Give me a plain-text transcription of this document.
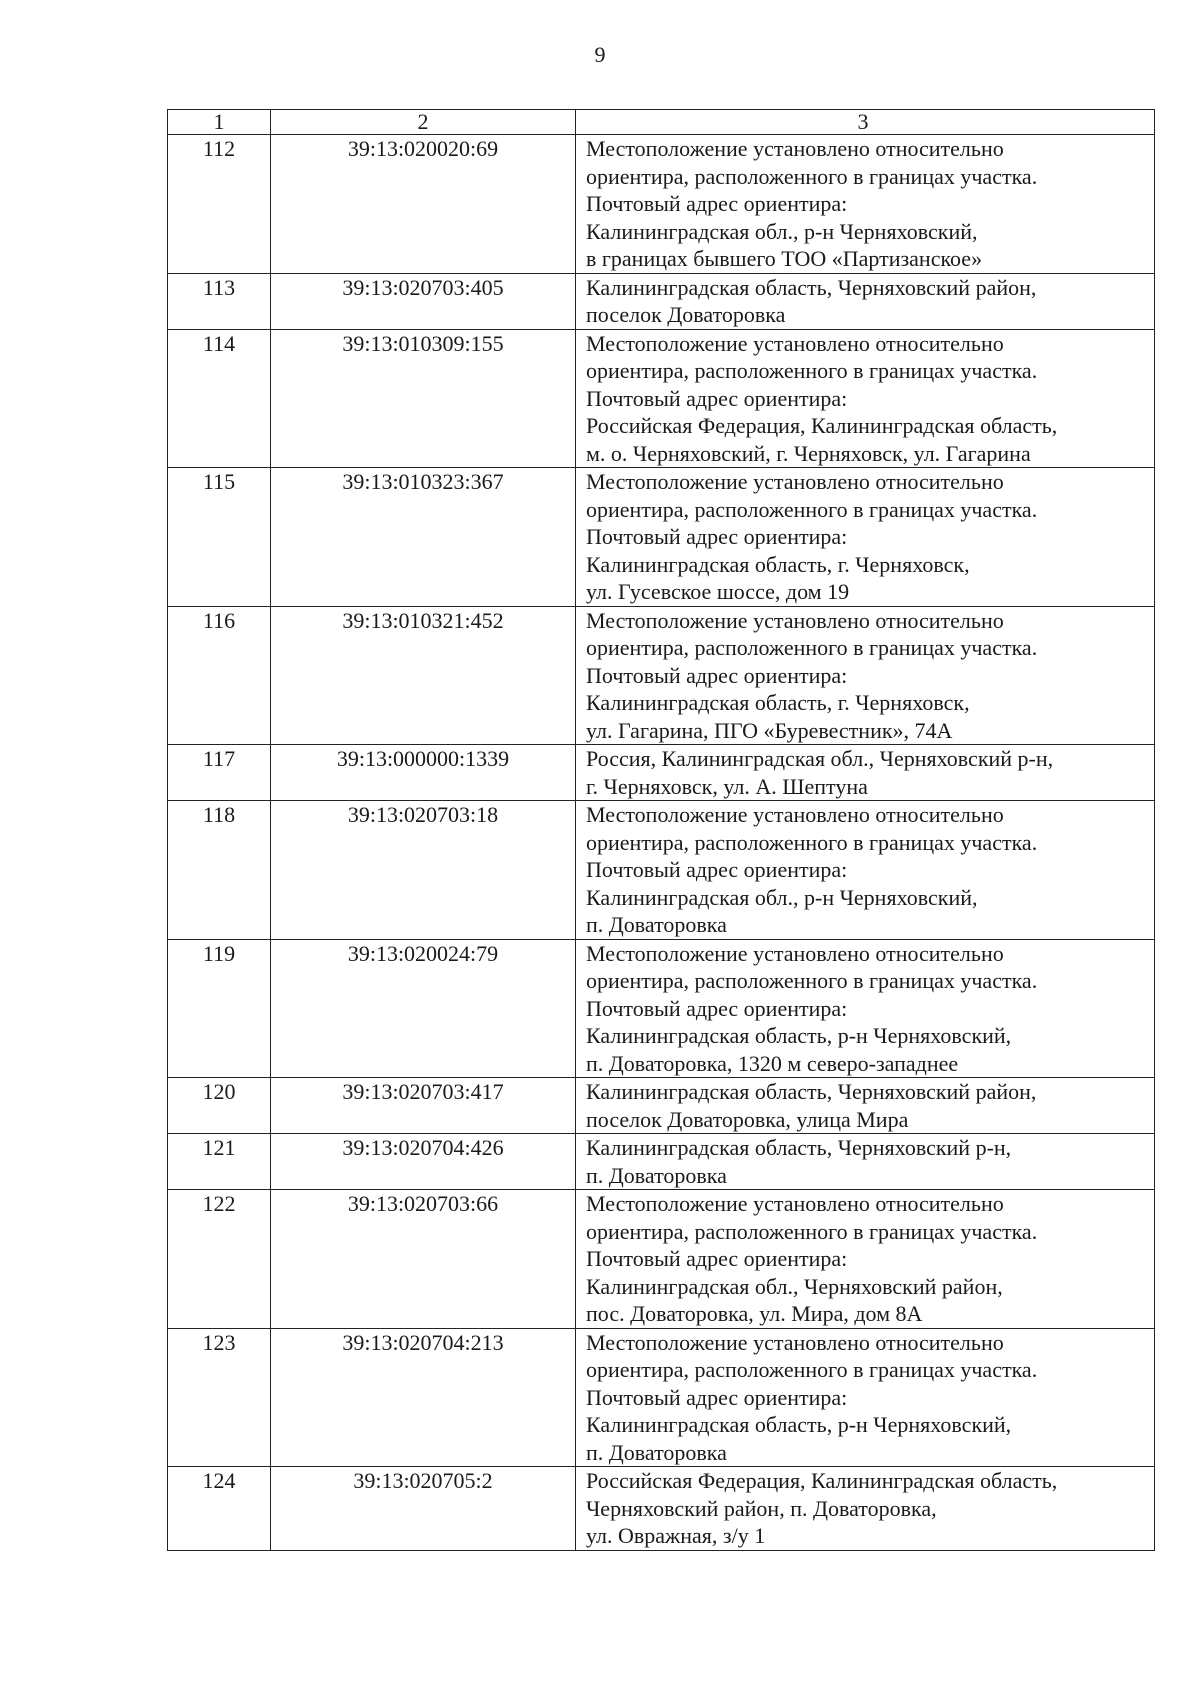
9
1	2	3
112	39:13:020020:69	Местоположение установлено относительно
ориентира, расположенного в границах участка.
Почтовый адрес ориентира:
Калининградская обл., р-н Черняховский,
в границах бывшего ТОО «Партизанское»

113	39:13:020703:405	Калининградская область, Черняховский район,
поселок Доваторовка

114	39:13:010309:155	Местоположение установлено относительно
ориентира, расположенного в границах участка.
Почтовый адрес ориентира:
Российская Федерация, Калининградская область,
м. о. Черняховский, г. Черняховск, ул. Гагарина

115	39:13:010323:367	Местоположение установлено относительно
ориентира, расположенного в границах участка.
Почтовый адрес ориентира:
Калининградская область, г. Черняховск,
ул. Гусевское шоссе, дом 19

116	39:13:010321:452	Местоположение установлено относительно
ориентира, расположенного в границах участка.
Почтовый адрес ориентира:
Калининградская область, г. Черняховск,
ул. Гагарина, ПГО «Буревестник», 74А

117	39:13:000000:1339	Россия, Калининградская обл., Черняховский р-н,
г. Черняховск, ул. А. Шептуна

118	39:13:020703:18	Местоположение установлено относительно
ориентира, расположенного в границах участка.
Почтовый адрес ориентира:
Калининградская обл., р-н Черняховский,
п. Доваторовка

119	39:13:020024:79	Местоположение установлено относительно
ориентира, расположенного в границах участка.
Почтовый адрес ориентира:
Калининградская область, р-н Черняховский,
п. Доваторовка, 1320 м северо-западнее

120	39:13:020703:417	Калининградская область, Черняховский район,
поселок Доваторовка, улица Мира

121	39:13:020704:426	Калининградская область, Черняховский р-н,
п. Доваторовка

122	39:13:020703:66	Местоположение установлено относительно
ориентира, расположенного в границах участка.
Почтовый адрес ориентира:
Калининградская обл., Черняховский район,
пос. Доваторовка, ул. Мира, дом 8А

123	39:13:020704:213	Местоположение установлено относительно
ориентира, расположенного в границах участка.
Почтовый адрес ориентира:
Калининградская область, р-н Черняховский,
п. Доваторовка

124	39:13:020705:2	Российская Федерация, Калининградская область,
Черняховский район, п. Доваторовка,
ул. Овражная, з/у 1
